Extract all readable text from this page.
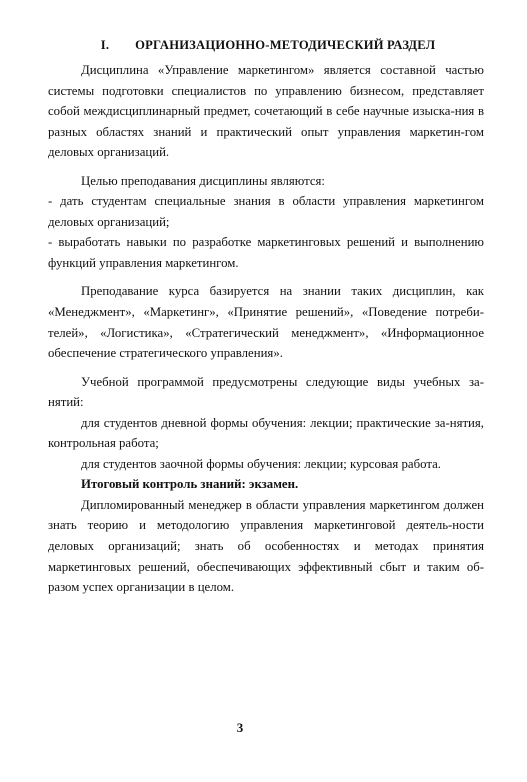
I. ОРГАНИЗАЦИОННО-МЕТОДИЧЕСКИЙ РАЗДЕЛ

Дисциплина «Управление маркетингом» является составной частью системы подготовки специалистов по управлению бизнесом, представляет собой междисциплинарный предмет, сочетающий в себе научные изыска-ния в разных областях знаний и практический опыт управления маркетин-гом деловых организаций.

Целью преподавания дисциплины являются:

- дать студентам специальные знания в области управления маркетингом деловых организаций;

- выработать навыки по разработке маркетинговых решений и выполнению функций управления маркетингом.

Преподавание курса базируется на знании таких дисциплин, как «Менеджмент», «Маркетинг», «Принятие решений», «Поведение потреби-телей», «Логистика», «Стратегический менеджмент», «Информационное обеспечение стратегического управления».

Учебной программой предусмотрены следующие виды учебных за-нятий:

для студентов дневной формы обучения: лекции; практические за-нятия, контрольная работа;

для студентов заочной формы обучения: лекции; курсовая работа.

Итоговый контроль знаний: экзамен.

Дипломированный менеджер в области управления маркетингом должен знать теорию и методологию управления маркетинговой деятель-ности деловых организаций; знать об особенностях и методах принятия маркетинговых решений, обеспечивающих эффективный сбыт и таким об-разом успех организации в целом.

3
